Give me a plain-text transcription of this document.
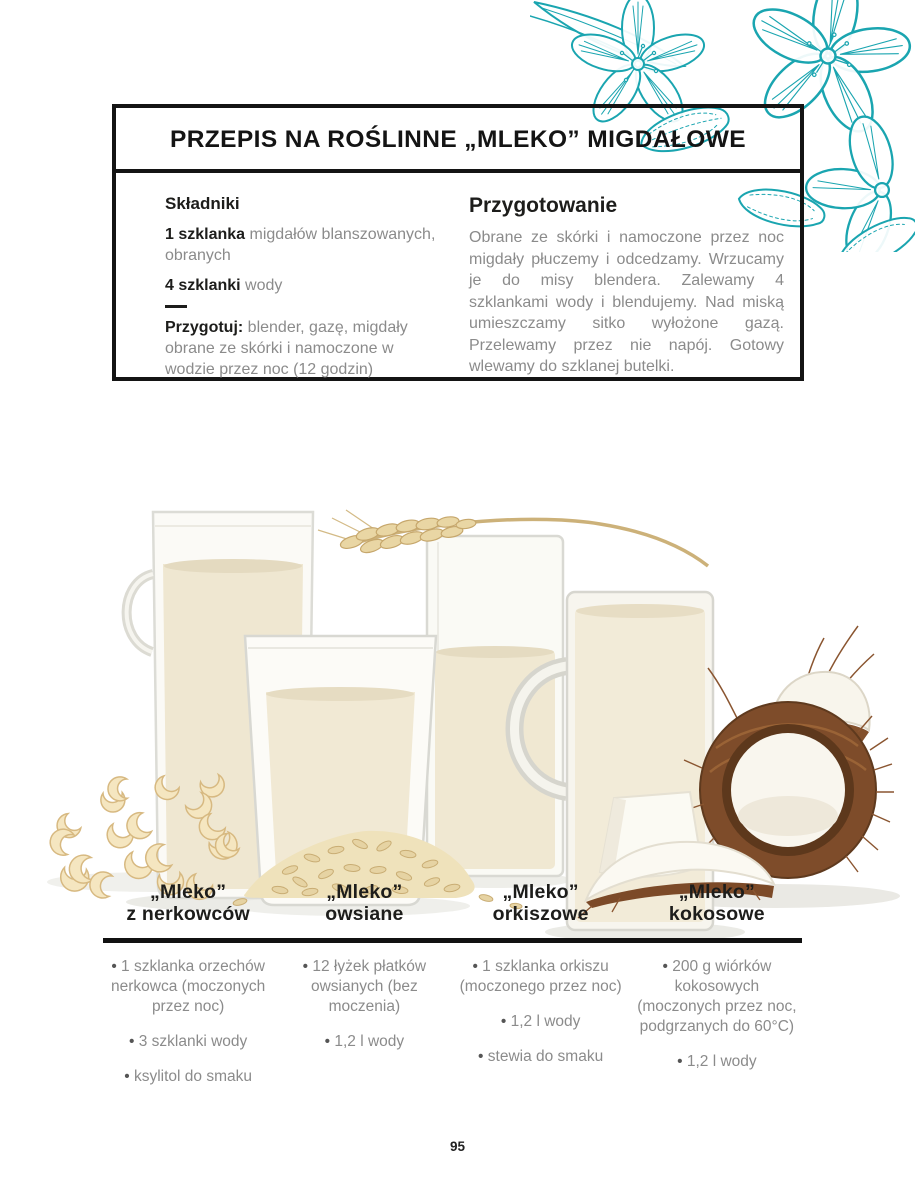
PRZEPIS NA ROŚLINNE „MLEKO” MIGDAŁOWE
Składniki
1 szklanka migdałów blanszowanych, obranych
4 szklanki wody
Przygotuj: blender, gazę, migdały obrane ze skórki i namoczone w wodzie przez noc (12 godzin)
Przygotowanie
Obrane ze skórki i namoczone przez noc migdały płuczemy i odcedzamy. Wrzucamy je do misy blendera. Zalewamy 4 szklankami wody i blendujemy. Nad miską umieszczamy sitko wyłożone gazą. Przelewamy przez nie napój. Gotowy wlewamy do szklanej butelki.
„Mleko”
z nerkowców
„Mleko”
owsiane
„Mleko”
orkiszowe
„Mleko”
kokosowe
• 1 szklanka orzechów nerkowca (moczonych przez noc)
• 3 szklanki wody
• ksylitol do smaku
• 12 łyżek płatków owsianych (bez moczenia)
• 1,2 l wody
• 1 szklanka orkiszu (moczonego przez noc)
• 1,2 l wody
• stewia do smaku
• 200 g wiórków kokosowych (moczonych przez noc, podgrzanych do 60°C)
• 1,2 l wody
95
